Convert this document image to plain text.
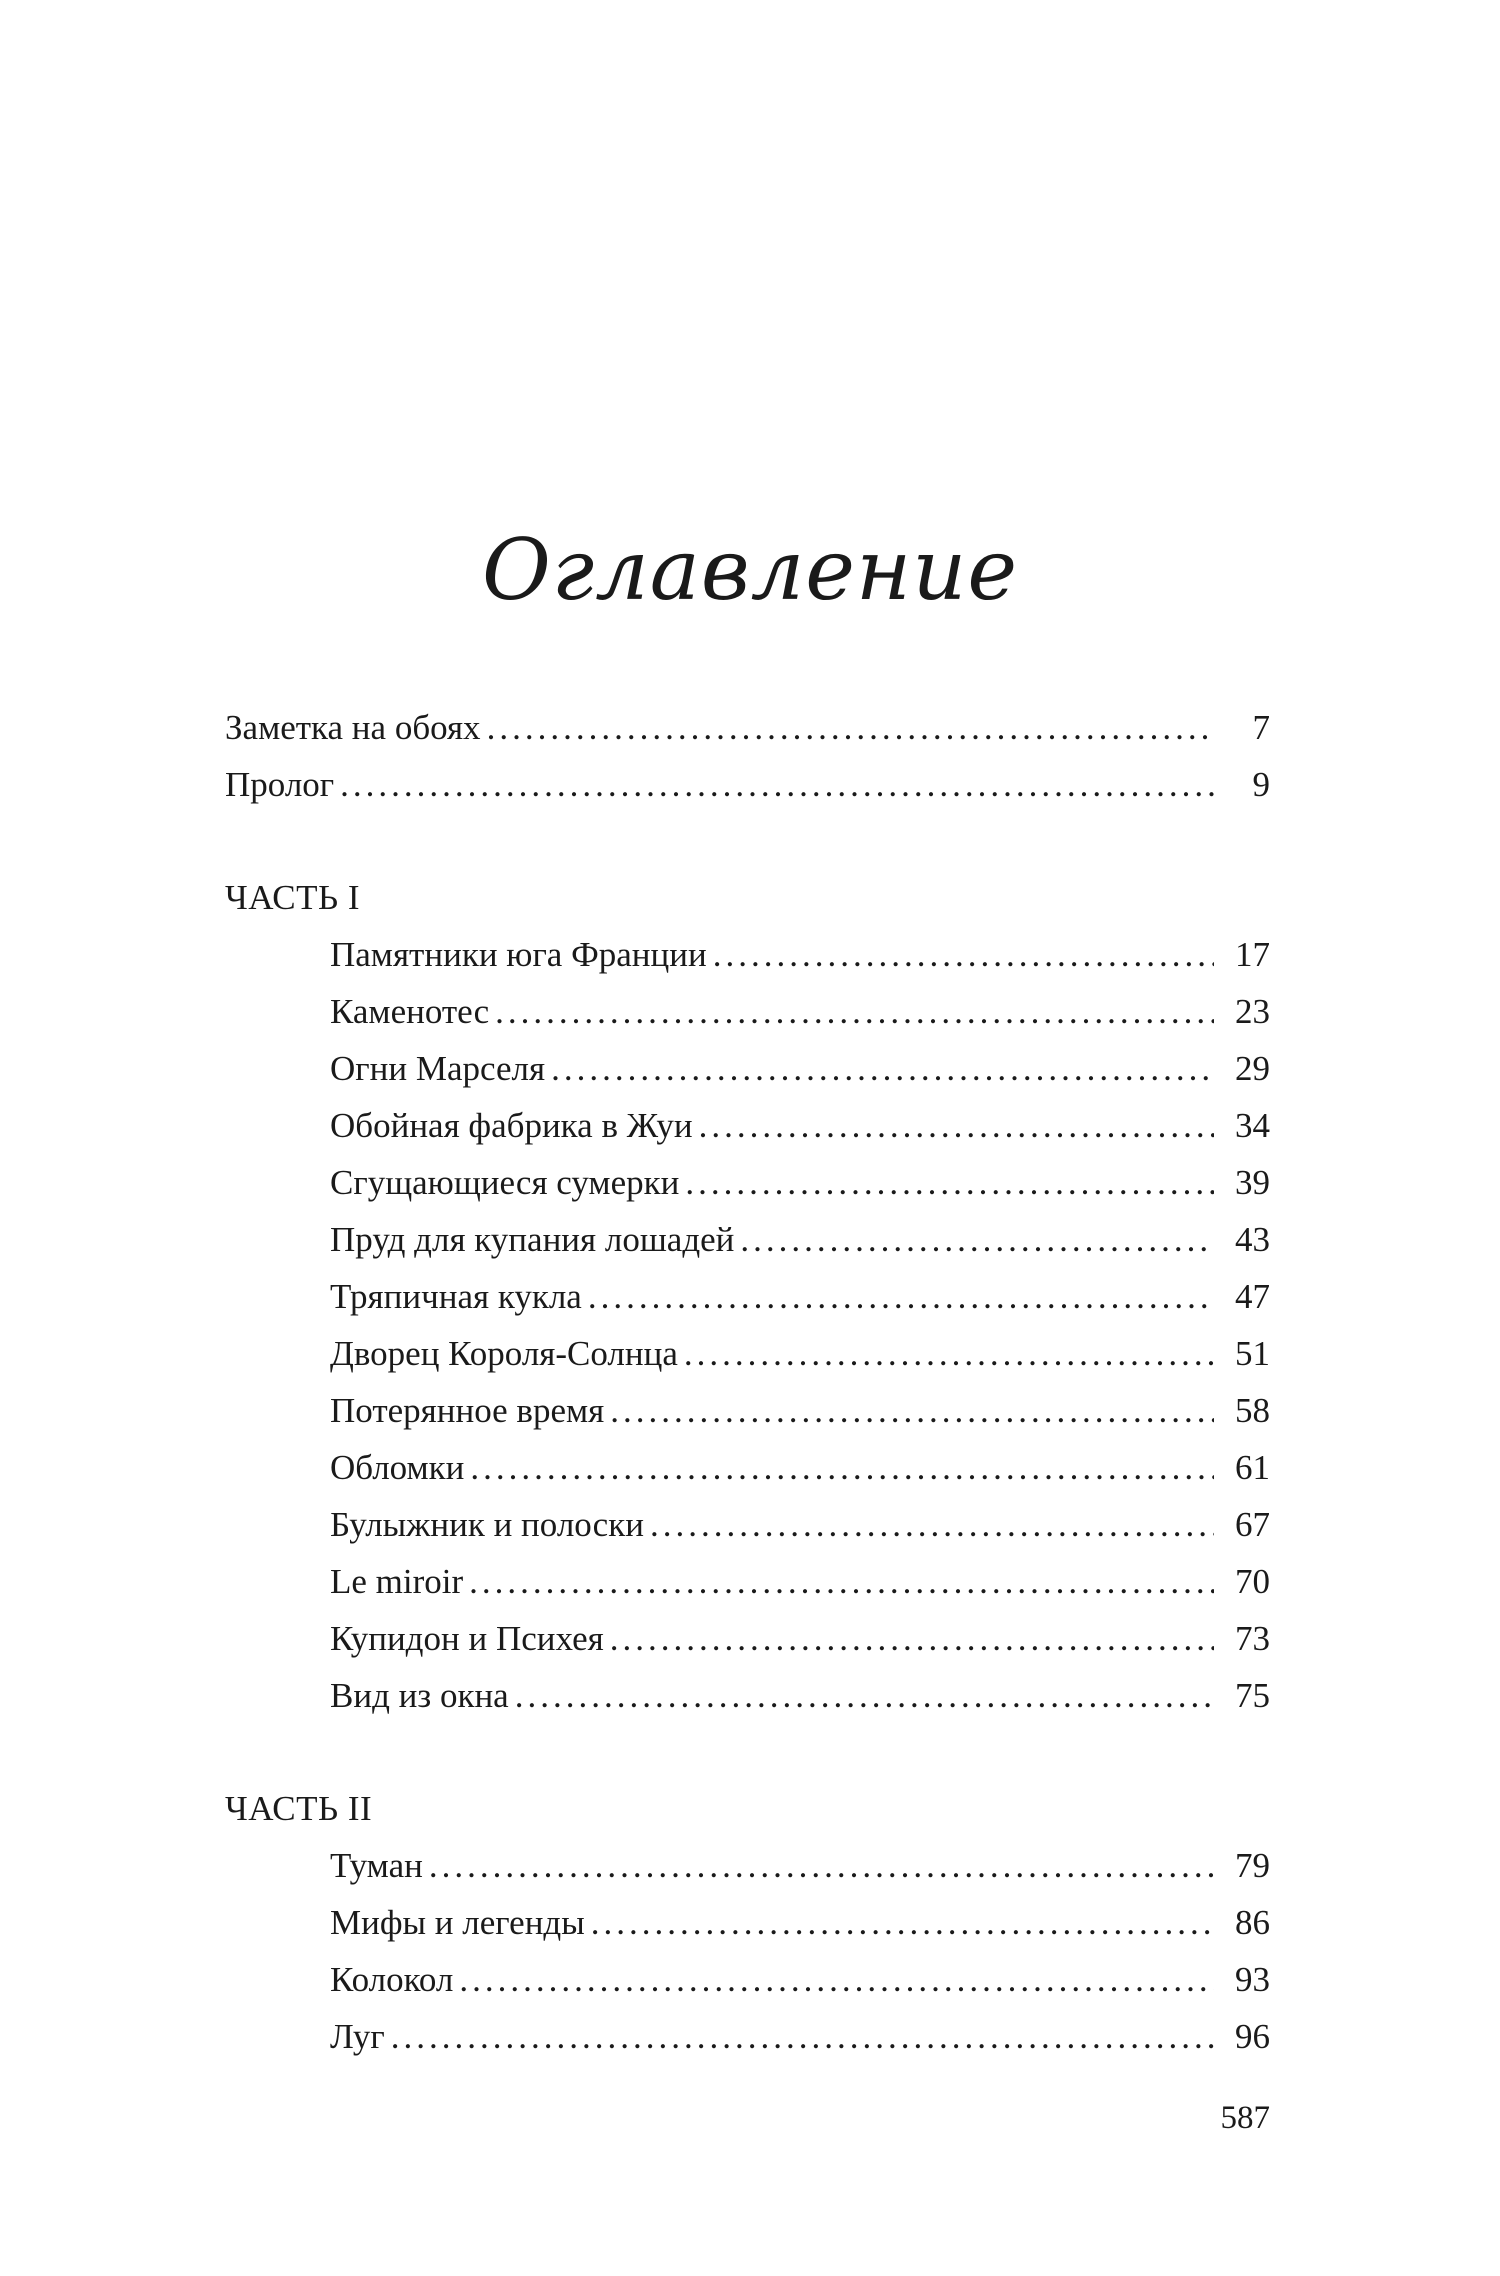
Оглавление
Заметка на обоях .....	7
Пролог .....	9
ЧАСТЬ I
Памятники юга Франции .....	17
Каменотес .....	23
Огни Марселя .....	29
Обойная фабрика в Жуи .....	34
Сгущающиеся сумерки .....	39
Пруд для купания лошадей .....	43
Тряпичная кукла .....	47
Дворец Короля-Солнца .....	51
Потерянное время .....	58
Обломки .....	61
Булыжник и полоски .....	67
Le miroir .....	70
Купидон и Психея .....	73
Вид из окна .....	75
ЧАСТЬ II
Туман .....	79
Мифы и легенды .....	86
Колокол .....	93
Луг .....	96
587
